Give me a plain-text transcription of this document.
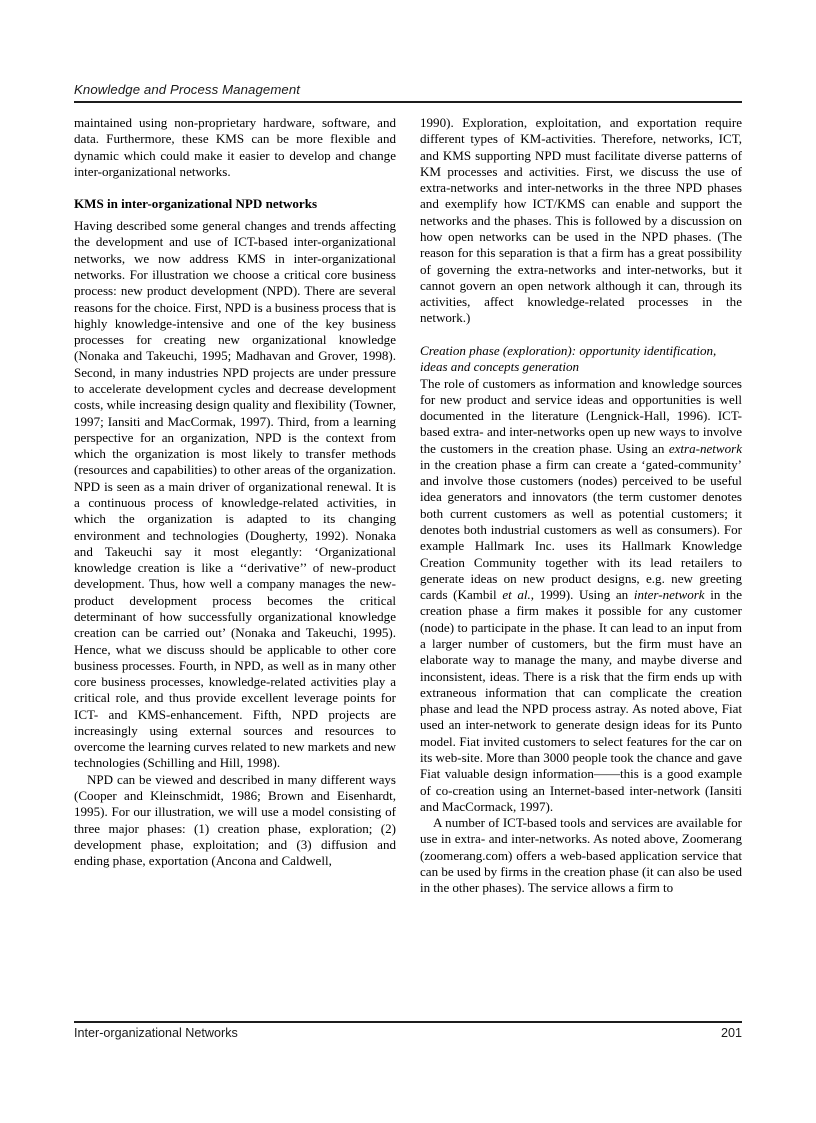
Knowledge and Process Management

maintained using non-proprietary hardware, software, and data. Furthermore, these KMS can be more flexible and dynamic which could make it easier to develop and change inter-organizational networks.

KMS in inter-organizational NPD networks

Having described some general changes and trends affecting the development and use of ICT-based inter-organizational networks, we now address KMS in inter-organizational networks. For illustration we choose a critical core business process: new product development (NPD). There are several reasons for the choice. First, NPD is a business process that is highly knowledge-intensive and one of the key business processes for creating new organizational knowledge (Nonaka and Takeuchi, 1995; Madhavan and Grover, 1998). Second, in many industries NPD projects are under pressure to accelerate development cycles and decrease development costs, while increasing design quality and flexibility (Towner, 1997; Iansiti and MacCormak, 1997). Third, from a learning perspective for an organization, NPD is the context from which the organization is most likely to transfer methods (resources and capabilities) to other areas of the organization. NPD is seen as a main driver of organizational renewal. It is a continuous process of knowledge-related activities, in which the organization is adapted to its changing environment and technologies (Dougherty, 1992). Nonaka and Takeuchi say it most elegantly: ‘Organizational knowledge creation is like a ‘‘derivative’’ of new-product development. Thus, how well a company manages the new-product development process becomes the critical determinant of how successfully organizational knowledge creation can be carried out’ (Nonaka and Takeuchi, 1995). Hence, what we discuss should be applicable to other core business processes. Fourth, in NPD, as well as in many other core business processes, knowledge-related activities play a critical role, and thus provide excellent leverage points for ICT- and KMS-enhancement. Fifth, NPD projects are increasingly using external sources and resources to overcome the learning curves related to new markets and new technologies (Schilling and Hill, 1998).

NPD can be viewed and described in many different ways (Cooper and Kleinschmidt, 1986; Brown and Eisenhardt, 1995). For our illustration, we will use a model consisting of three major phases: (1) creation phase, exploration; (2) development phase, exploitation; and (3) diffusion and ending phase, exportation (Ancona and Caldwell,

1990). Exploration, exploitation, and exportation require different types of KM-activities. Therefore, networks, ICT, and KMS supporting NPD must facilitate diverse patterns of KM processes and activities. First, we discuss the use of extra-networks and inter-networks in the three NPD phases and exemplify how ICT/KMS can enable and support the networks and the phases. This is followed by a discussion on how open networks can be used in the NPD phases. (The reason for this separation is that a firm has a great possibility of governing the extra-networks and inter-networks, but it cannot govern an open network although it can, through its activities, affect knowledge-related processes in the network.)

Creation phase (exploration): opportunity identification,
ideas and concepts generation

The role of customers as information and knowledge sources for new product and service ideas and opportunities is well documented in the literature (Lengnick-Hall, 1996). ICT-based extra- and inter-networks open up new ways to involve the customers in the creation phase. Using an extra-network in the creation phase a firm can create a ‘gated-community’ and involve those customers (nodes) perceived to be useful idea generators and innovators (the term customer denotes both current customers as well as potential customers; it denotes both industrial customers as well as consumers). For example Hallmark Inc. uses its Hallmark Knowledge Creation Community together with its lead retailers to generate ideas on new product designs, e.g. new greeting cards (Kambil et al., 1999). Using an inter-network in the creation phase a firm makes it possible for any customer (node) to participate in the phase. It can lead to an input from a larger number of customers, but the firm must have an elaborate way to manage the many, and maybe diverse and inconsistent, ideas. There is a risk that the firm ends up with extraneous information that can complicate the creation phase and lead the NPD process astray. As noted above, Fiat used an inter-network to generate design ideas for its Punto model. Fiat invited customers to select features for the car on its web-site. More than 3000 people took the chance and gave Fiat valuable design information——this is a good example of co-creation using an Internet-based inter-network (Iansiti and MacCormack, 1997).

A number of ICT-based tools and services are available for use in extra- and inter-networks. As noted above, Zoomerang (zoomerang.com) offers a web-based application service that can be used by firms in the creation phase (it can also be used in the other phases). The service allows a firm to

Inter-organizational Networks	201
